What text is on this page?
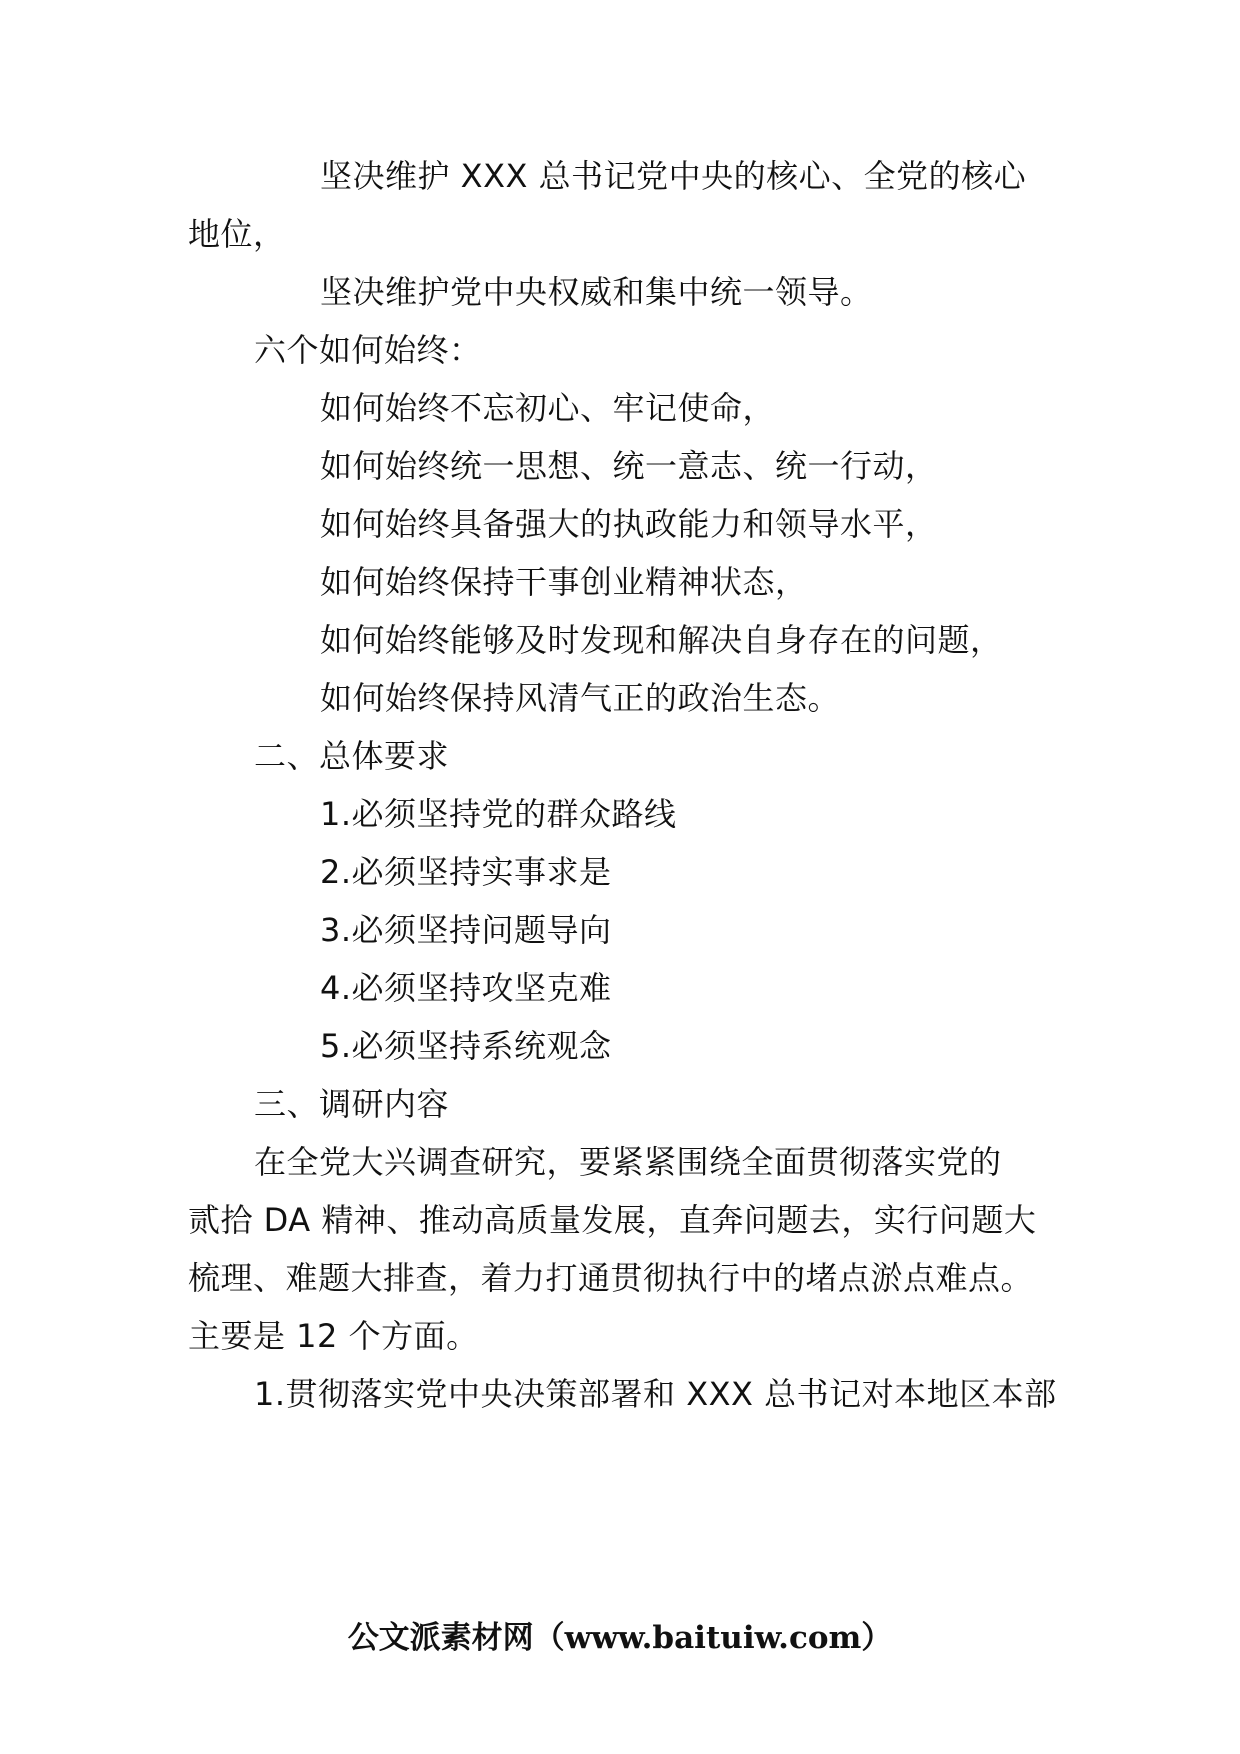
坚决维护 XXX 总书记党中央的核心、全党的核心
地位，
坚决维护党中央权威和集中统一领导。
六个如何始终：
如何始终不忘初心、牢记使命，
如何始终统一思想、统一意志、统一行动，
如何始终具备强大的执政能力和领导水平，
如何始终保持干事创业精神状态，
如何始终能够及时发现和解决自身存在的问题，
如何始终保持风清气正的政治生态。
二、总体要求
1.必须坚持党的群众路线
2.必须坚持实事求是
3.必须坚持问题导向
4.必须坚持攻坚克难
5.必须坚持系统观念
三、调研内容
在全党大兴调查研究，要紧紧围绕全面贯彻落实党的
贰拾 DA 精神、推动高质量发展，直奔问题去，实行问题大
梳理、难题大排查，着力打通贯彻执行中的堵点淤点难点。
主要是 12 个方面。
1.贯彻落实党中央决策部署和 XXX 总书记对本地区本部
公文派素材网（www.baituiw.com）
